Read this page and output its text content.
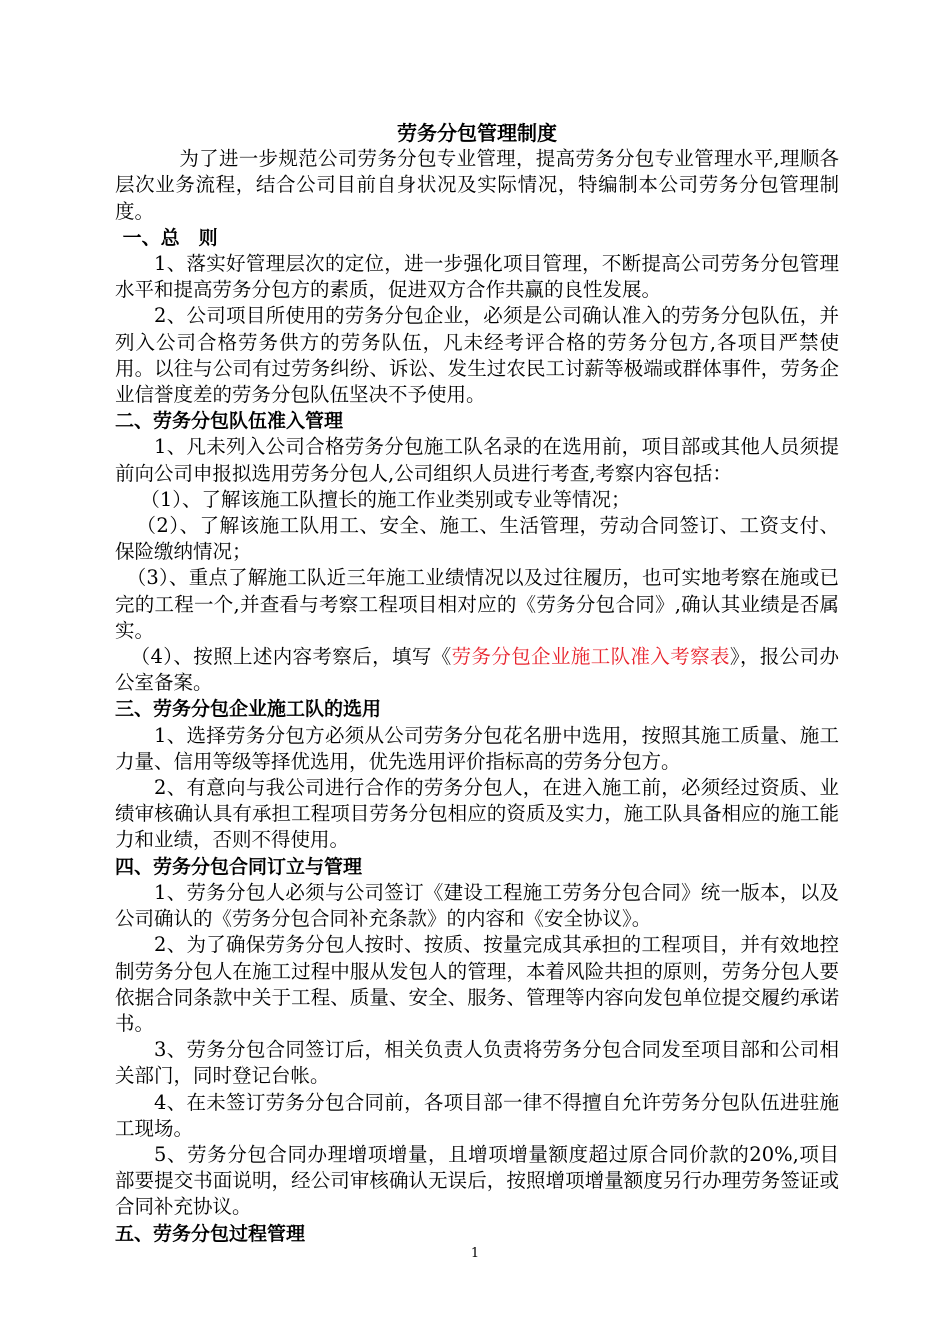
劳务分包管理制度

为了进一步规范公司劳务分包专业管理，提高劳务分包专业管理水平,理顺各层次业务流程，结合公司目前自身状况及实际情况，特编制本公司劳务分包管理制度。

一、总　则

1、落实好管理层次的定位，进一步强化项目管理，不断提高公司劳务分包管理水平和提高劳务分包方的素质，促进双方合作共赢的良性发展。

2、公司项目所使用的劳务分包企业，必须是公司确认准入的劳务分包队伍，并列入公司合格劳务供方的劳务队伍，凡未经考评合格的劳务分包方,各项目严禁使用。以往与公司有过劳务纠纷、诉讼、发生过农民工讨薪等极端或群体事件，劳务企业信誉度差的劳务分包队伍坚决不予使用。

二、劳务分包队伍准入管理

1、凡未列入公司合格劳务分包施工队名录的在选用前，项目部或其他人员须提前向公司申报拟选用劳务分包人,公司组织人员进行考查,考察内容包括：

（1）、了解该施工队擅长的施工作业类别或专业等情况；

（2）、了解该施工队用工、安全、施工、生活管理，劳动合同签订、工资支付、保险缴纳情况；

（3）、重点了解施工队近三年施工业绩情况以及过往履历，也可实地考察在施或已完的工程一个,并查看与考察工程项目相对应的《劳务分包合同》,确认其业绩是否属实。

（4）、按照上述内容考察后，填写《劳务分包企业施工队准入考察表》，报公司办公室备案。

三、劳务分包企业施工队的选用

1、选择劳务分包方必须从公司劳务分包花名册中选用，按照其施工质量、施工力量、信用等级等择优选用，优先选用评价指标高的劳务分包方。

2、有意向与我公司进行合作的劳务分包人，在进入施工前，必须经过资质、业绩审核确认具有承担工程项目劳务分包相应的资质及实力，施工队具备相应的施工能力和业绩，否则不得使用。

四、劳务分包合同订立与管理

1、劳务分包人必须与公司签订《建设工程施工劳务分包合同》统一版本，以及公司确认的《劳务分包合同补充条款》的内容和《安全协议》。

2、为了确保劳务分包人按时、按质、按量完成其承担的工程项目，并有效地控制劳务分包人在施工过程中服从发包人的管理，本着风险共担的原则，劳务分包人要依据合同条款中关于工程、质量、安全、服务、管理等内容向发包单位提交履约承诺书。

3、劳务分包合同签订后，相关负责人负责将劳务分包合同发至项目部和公司相关部门，同时登记台帐。

4、在未签订劳务分包合同前，各项目部一律不得擅自允许劳务分包队伍进驻施工现场。

5、劳务分包合同办理增项增量，且增项增量额度超过原合同价款的20%,项目部要提交书面说明，经公司审核确认无误后，按照增项增量额度另行办理劳务签证或合同补充协议。

五、劳务分包过程管理

1
